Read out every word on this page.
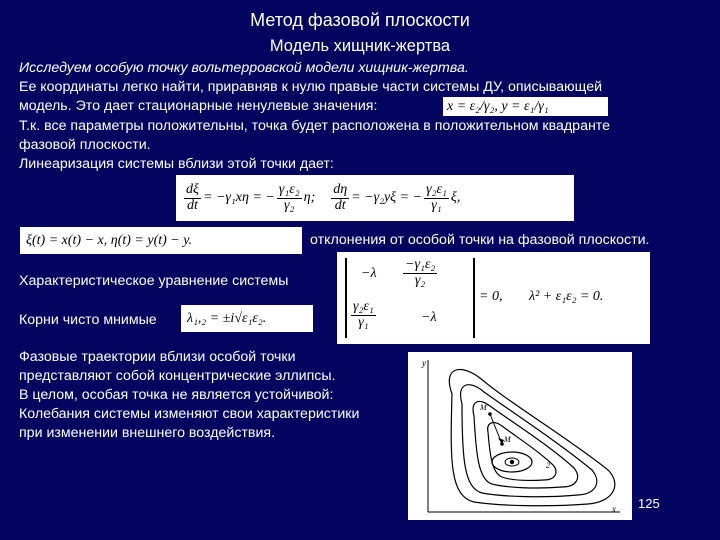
Метод фазовой плоскости
Модель хищник-жертва
Исследуем особую точку вольтерровской модели хищник-жертва.
Ее координаты легко найти, приравняв к нулю правые части системы ДУ, описывающей
модель. Это дает стационарные ненулевые значения:
Т.к. все параметры положительны, точка будет расположена в положительном квадранте
фазовой плоскости.
Линеаризация системы вблизи этой точки дает:
x = ε₂/γ₂, y = ε₁/γ₁
$\frac{d\xi}{dt} = -\gamma_1x\eta$ = − $\frac{\text{γ₁ε₂}}{\text{γ₂}} \eta$; $\frac{d\eta}{dt} = -\gamma_2y\xi$ = − $\frac{\text{γ₂ε₁}}{\text{γ₁}} \xi$,
ξ(t) = x(t) − x, η(t) = y(t) − y.	отклонения от особой точки на фазовой плоскости.
Характеристическое уравнение системы	$-\lambda \frac{\text{−γ₁ε₂}}{\text{γ₂}}$
$\frac{\text{γ₂ε₁}}{\text{γ₁}}$	−λ
= 0, λ² + ε₁ε₂ = 0.
Корни чисто мнимые λ₁,₂ = ±i√ε₁ε₂.
Фазовые траектории вблизи особой точки
представляют собой концентрические эллипсы.
В целом, особая точка не является устойчивой:
Колебания системы изменяют свои характеристики
при изменении внешнего воздействия.
y
x
M'
M
2
125
